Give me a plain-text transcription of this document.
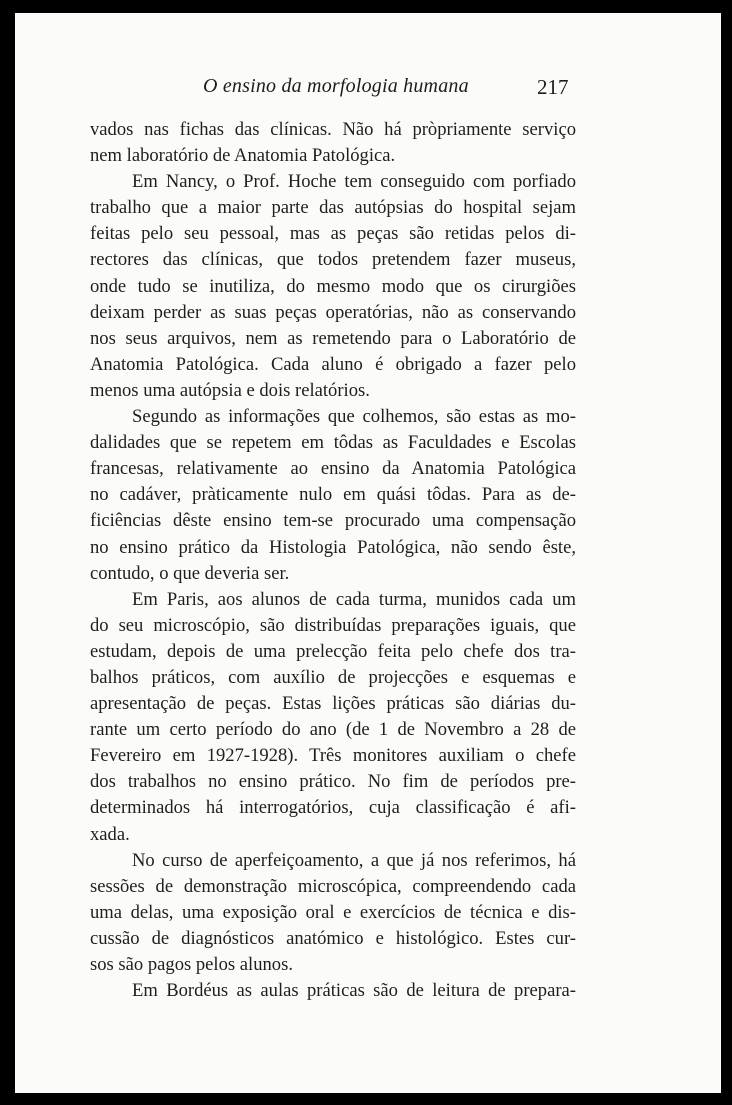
O ensino da morfologia humana	217
vados nas fichas das clínicas. Não há pròpriamente serviço
nem laboratório de Anatomia Patológica.
Em Nancy, o Prof. Hoche tem conseguido com porfiado
trabalho que a maior parte das autópsias do hospital sejam
feitas pelo seu pessoal, mas as peças são retidas pelos di-
rectores das clínicas, que todos pretendem fazer museus,
onde tudo se inutiliza, do mesmo modo que os cirurgiões
deixam perder as suas peças operatórias, não as conservando
nos seus arquivos, nem as remetendo para o Laboratório de
Anatomia Patológica. Cada aluno é obrigado a fazer pelo
menos uma autópsia e dois relatórios.
Segundo as informações que colhemos, são estas as mo-
dalidades que se repetem em tôdas as Faculdades e Escolas
francesas, relativamente ao ensino da Anatomia Patológica
no cadáver, pràticamente nulo em quási tôdas. Para as de-
ficiências dêste ensino tem-se procurado uma compensação
no ensino prático da Histologia Patológica, não sendo êste,
contudo, o que deveria ser.
Em Paris, aos alunos de cada turma, munidos cada um
do seu microscópio, são distribuídas preparações iguais, que
estudam, depois de uma prelecção feita pelo chefe dos tra-
balhos práticos, com auxílio de projecções e esquemas e
apresentação de peças. Estas lições práticas são diárias du-
rante um certo período do ano (de 1 de Novembro a 28 de
Fevereiro em 1927-1928). Três monitores auxiliam o chefe
dos trabalhos no ensino prático. No fim de períodos pre-
determinados há interrogatórios, cuja classificação é afi-
xada.
No curso de aperfeiçoamento, a que já nos referimos, há
sessões de demonstração microscópica, compreendendo cada
uma delas, uma exposição oral e exercícios de técnica e dis-
cussão de diagnósticos anatómico e histológico. Estes cur-
sos são pagos pelos alunos.
Em Bordéus as aulas práticas são de leitura de prepara-
